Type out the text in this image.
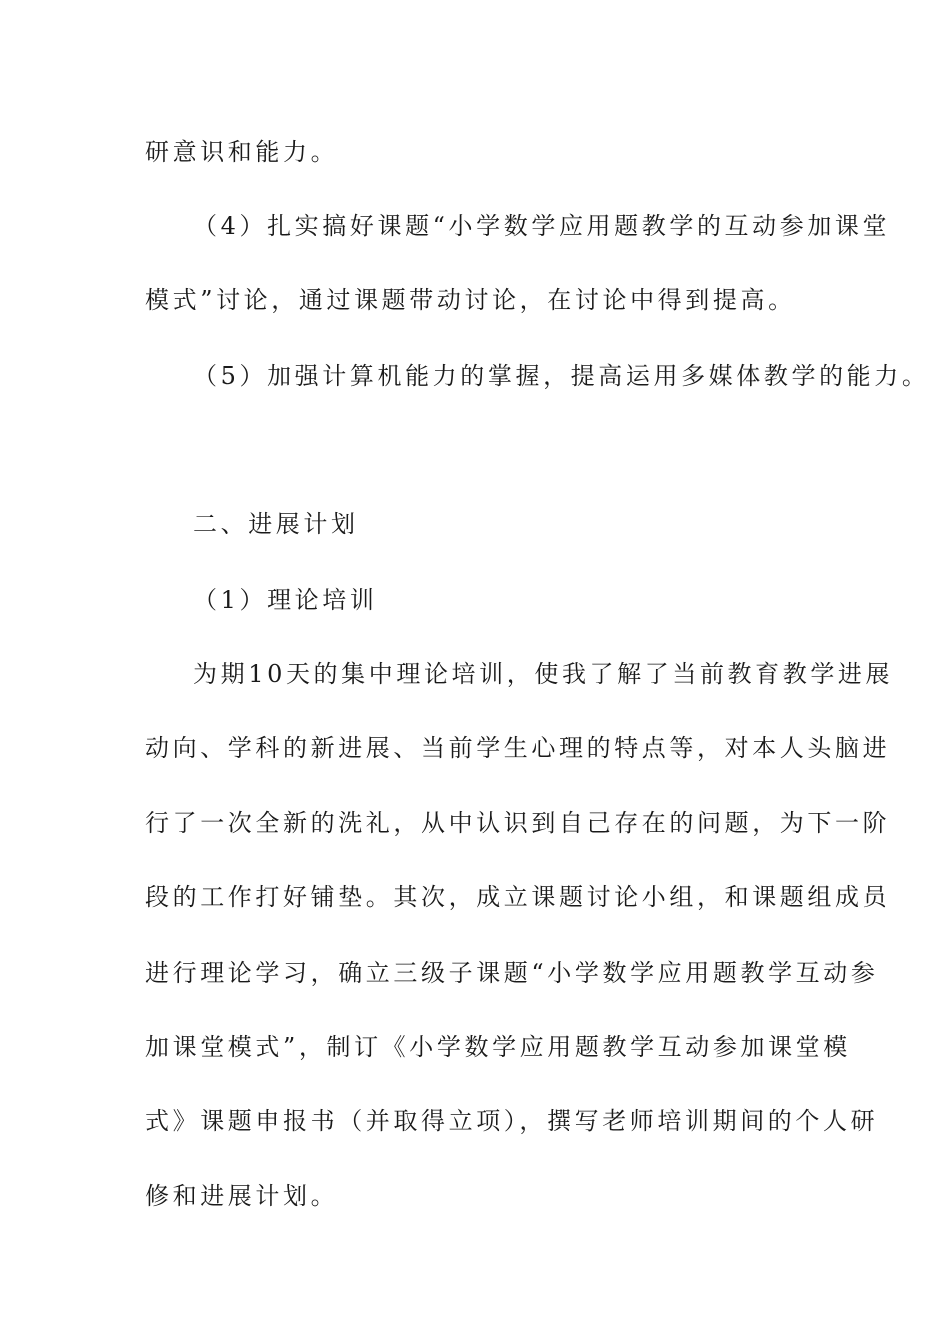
研意识和能力。
（4）扎实搞好课题“小学数学应用题教学的互动参加课堂
模式”讨论，通过课题带动讨论，在讨论中得到提高。
（5）加强计算机能力的掌握，提高运用多媒体教学的能力。
二、进展计划
（1）理论培训
为期10天的集中理论培训，使我了解了当前教育教学进展
动向、学科的新进展、当前学生心理的特点等，对本人头脑进
行了一次全新的洗礼，从中认识到自己存在的问题，为下一阶
段的工作打好铺垫。其次，成立课题讨论小组，和课题组成员
进行理论学习，确立三级子课题“小学数学应用题教学互动参
加课堂模式”，制订《小学数学应用题教学互动参加课堂模
式》课题申报书（并取得立项），撰写老师培训期间的个人研
修和进展计划。
